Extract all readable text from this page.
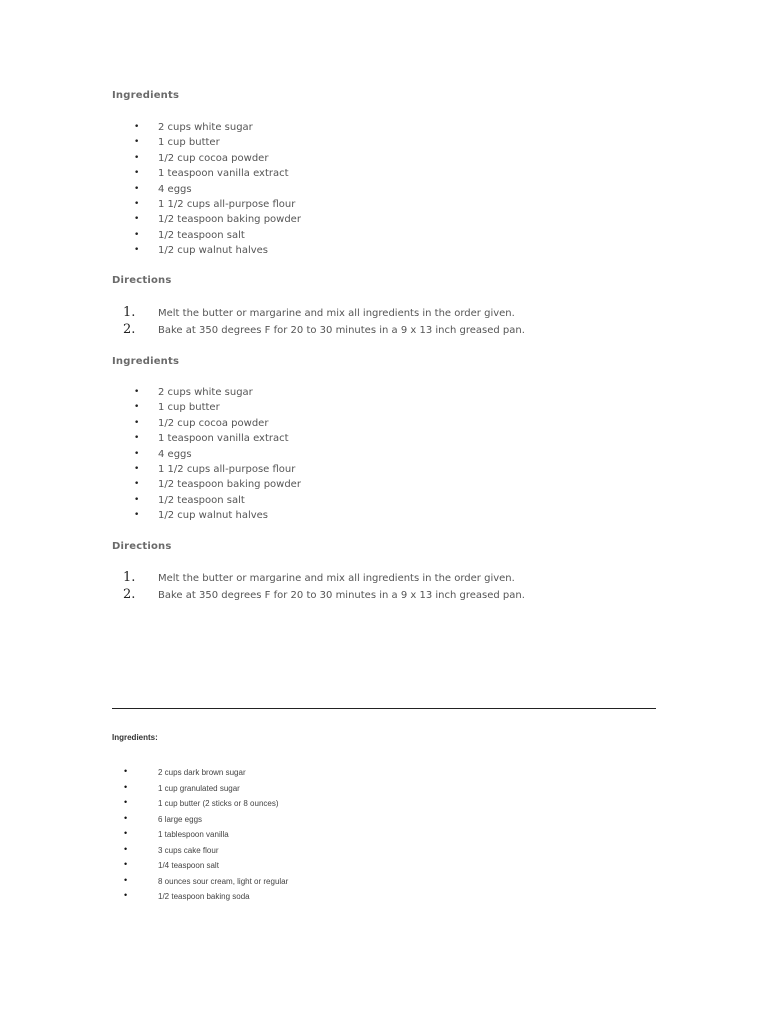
Ingredients
• 2 cups white sugar
• 1 cup butter
• 1/2 cup cocoa powder
• 1 teaspoon vanilla extract
• 4 eggs
• 1 1/2 cups all-purpose flour
• 1/2 teaspoon baking powder
• 1/2 teaspoon salt
• 1/2 cup walnut halves
Directions
1. Melt the butter or margarine and mix all ingredients in the order given.
2. Bake at 350 degrees F for 20 to 30 minutes in a 9 x 13 inch greased pan.
Ingredients
• 2 cups white sugar
• 1 cup butter
• 1/2 cup cocoa powder
• 1 teaspoon vanilla extract
• 4 eggs
• 1 1/2 cups all-purpose flour
• 1/2 teaspoon baking powder
• 1/2 teaspoon salt
• 1/2 cup walnut halves
Directions
1. Melt the butter or margarine and mix all ingredients in the order given.
2. Bake at 350 degrees F for 20 to 30 minutes in a 9 x 13 inch greased pan.
Ingredients:
•	2 cups dark brown sugar
•	1 cup granulated sugar
•	1 cup butter (2 sticks or 8 ounces)
•	6 large eggs
•	1 tablespoon vanilla
•	3 cups cake flour
•	1/4 teaspoon salt
•	8 ounces sour cream, light or regular
•	1/2 teaspoon baking soda
